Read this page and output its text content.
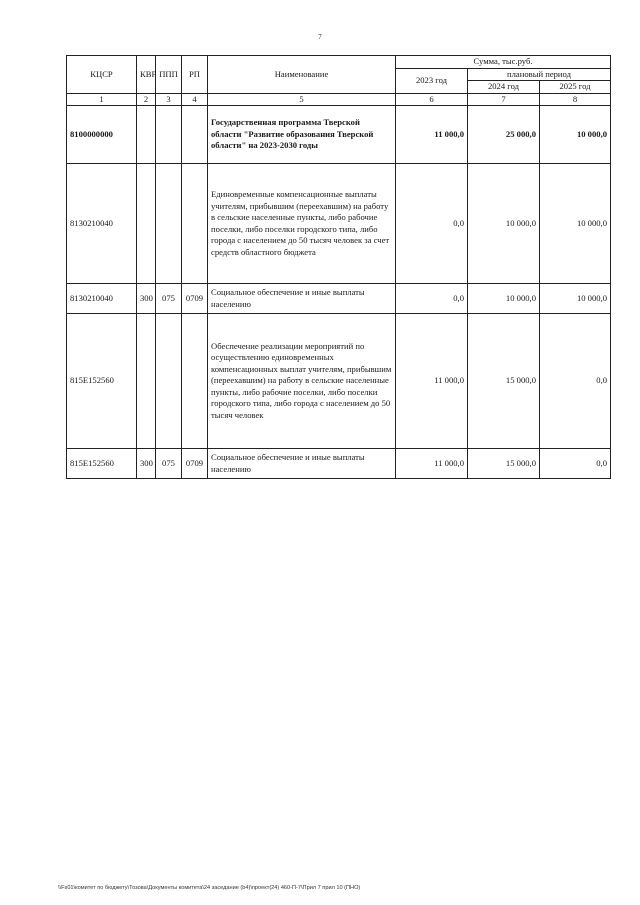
7
КЦСР	КВР	ППП	РП	Наименование	Сумма, тыс.руб.		
					2023 год	плановый период	
						2024 год	2025 год
1	2	3	4	5	6	7	8
8100000000				Государственная программа Тверской области "Развитие образования Тверской области" на 2023-2030 годы	11 000,0	25 000,0	10 000,0
8130210040				Единовременные компенсационные выплаты учителям, прибывшим (переехавшим) на работу в сельские населенные пункты, либо рабочие поселки, либо поселки городского типа, либо города с населением до 50 тысяч человек за счет средств областного бюджета	0,0	10 000,0	10 000,0
8130210040	300	075	0709	Социальное обеспечение и иные выплаты населению	0,0	10 000,0	10 000,0
815E152560				Обеспечение реализации мероприятий по осуществлению единовременных компенсационных выплат учителям, прибывшим (переехавшим) на работу в сельские населенные пункты, либо рабочие поселки, либо поселки городского типа, либо города с населением до 50 тысяч человек	11 000,0	15 000,0	0,0
815E152560	300	075	0709	Социальное обеспечение и иные выплаты населению	11 000,0	15 000,0	0,0
\\Fs01\комитет по бюджету\Тозова\Документы комитета\24 заседание (b4)\проект(24) 460-П-7\Прил 7 прил 10 (ПНО)
